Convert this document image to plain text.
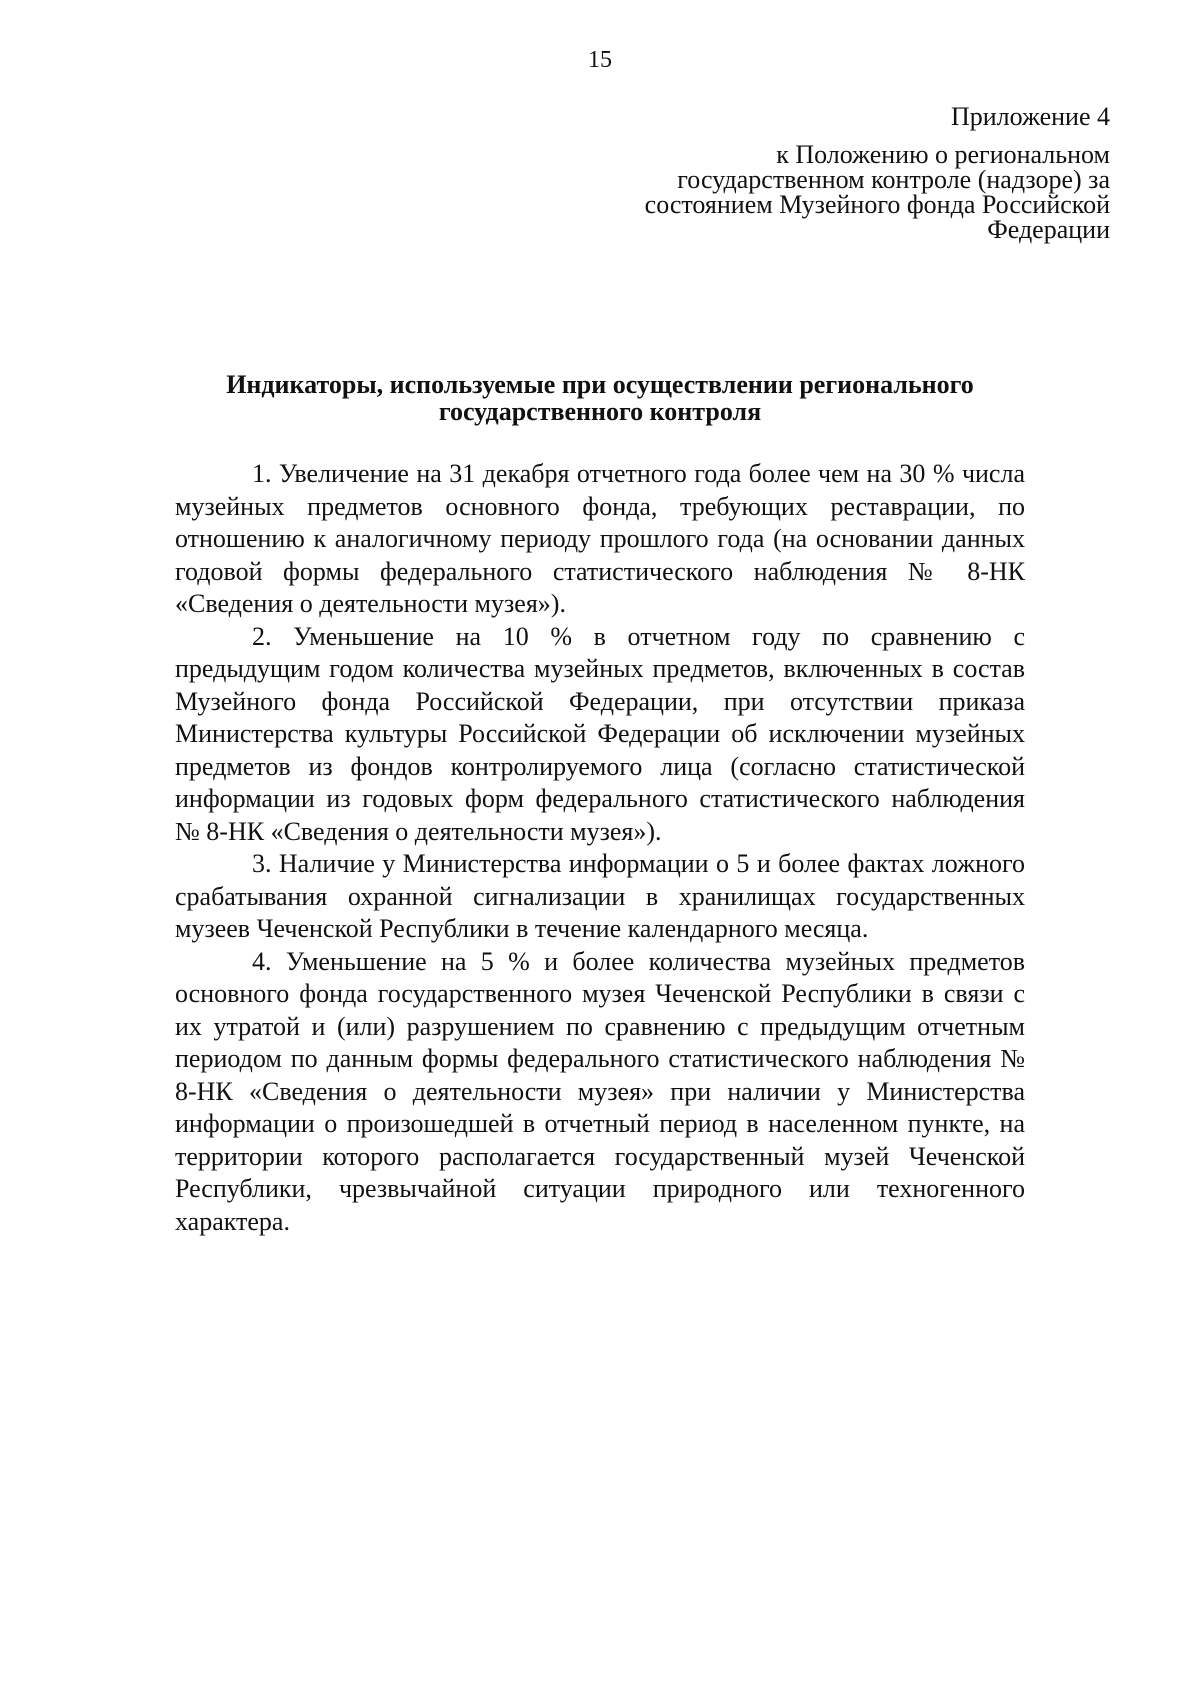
15
Приложение 4
к Положению о региональном государственном контроле (надзоре) за состоянием Музейного фонда Российской Федерации
Индикаторы, используемые при осуществлении регионального государственного контроля

1. Увеличение на 31 декабря отчетного года более чем на 30 % числа музейных предметов основного фонда, требующих реставрации, по отношению к аналогичному периоду прошлого года (на основании данных годовой формы федерального статистического наблюдения № 8-НК «Сведения о деятельности музея»).

2. Уменьшение на 10 % в отчетном году по сравнению с предыдущим годом количества музейных предметов, включенных в состав Музейного фонда Российской Федерации, при отсутствии приказа Министерства культуры Российской Федерации об исключении музейных предметов из фондов контролируемого лица (согласно статистической информации из годовых форм федерального статистического наблюдения № 8-НК «Сведения о деятельности музея»).

3. Наличие у Министерства информации о 5 и более фактах ложного срабатывания охранной сигнализации в хранилищах государственных музеев Чеченской Республики в течение календарного месяца.

4. Уменьшение на 5 % и более количества музейных предметов основного фонда государственного музея Чеченской Республики в связи с их утратой и (или) разрушением по сравнению с предыдущим отчетным периодом по данным формы федерального статистического наблюдения № 8-НК «Сведения о деятельности музея» при наличии у Министерства информации о произошедшей в отчетный период в населенном пункте, на территории которого располагается государственный музей Чеченской Республики, чрезвычайной ситуации природного или техногенного характера.
